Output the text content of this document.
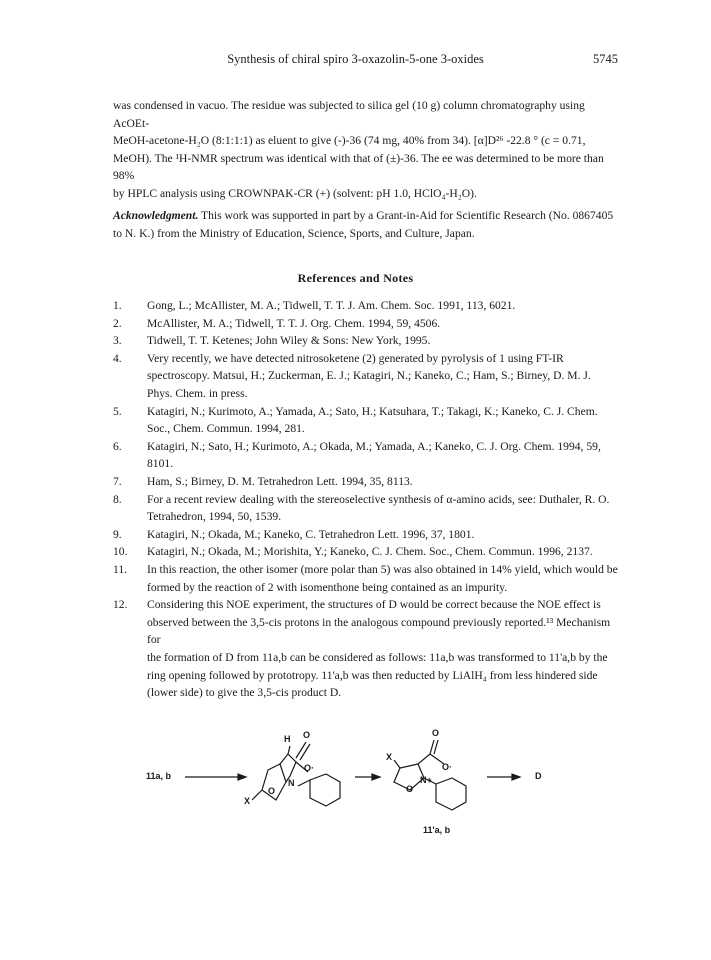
Synthesis of chiral spiro 3-oxazolin-5-one 3-oxides	5745
was condensed in vacuo. The residue was subjected to silica gel (10 g) column chromatography using AcOEt-
MeOH-acetone-H₂O (8:1:1:1) as eluent to give (-)-36 (74 mg, 40% from 34). [α]D²⁶ -22.8 ° (c = 0.71,
MeOH). The ¹H-NMR spectrum was identical with that of (±)-36. The ee was determined to be more than 98%
by HPLC analysis using CROWNPAK-CR (+) (solvent: pH 1.0, HClO₄-H₂O).
Acknowledgment. This work was supported in part by a Grant-in-Aid for Scientific Research (No. 0867405
to N. K.) from the Ministry of Education, Science, Sports, and Culture, Japan.
References and Notes
1. Gong, L.; McAllister, M. A.; Tidwell, T. T. J. Am. Chem. Soc. 1991, 113, 6021.
2. McAllister, M. A.; Tidwell, T. T. J. Org. Chem. 1994, 59, 4506.
3. Tidwell, T. T. Ketenes; John Wiley & Sons: New York, 1995.
4. Very recently, we have detected nitrosoketene (2) generated by pyrolysis of 1 using FT-IR
spectroscopy. Matsui, H.; Zuckerman, E. J.; Katagiri, N.; Kaneko, C.; Ham, S.; Birney, D. M. J.
Phys. Chem. in press.
5. Katagiri, N.; Kurimoto, A.; Yamada, A.; Sato, H.; Katsuhara, T.; Takagi, K.; Kaneko, C. J. Chem.
Soc., Chem. Commun. 1994, 281.
6. Katagiri, N.; Sato, H.; Kurimoto, A.; Okada, M.; Yamada, A.; Kaneko, C. J. Org. Chem. 1994, 59,
8101.
7. Ham, S.; Birney, D. M. Tetrahedron Lett. 1994, 35, 8113.
8. For a recent review dealing with the stereoselective synthesis of α-amino acids, see: Duthaler, R. O.
Tetrahedron, 1994, 50, 1539.
9. Katagiri, N.; Okada, M.; Kaneko, C. Tetrahedron Lett. 1996, 37, 1801.
10. Katagiri, N.; Okada, M.; Morishita, Y.; Kaneko, C. J. Chem. Soc., Chem. Commun. 1996, 2137.
11. In this reaction, the other isomer (more polar than 5) was also obtained in 14% yield, which would be
formed by the reaction of 2 with isomenthone being contained as an impurity.
12. Considering this NOE experiment, the structures of D would be correct because the NOE effect is
observed between the 3,5-cis protons in the analogous compound previously reported.¹³ Mechanism for
the formation of D from 11a,b can be considered as follows: 11a,b was transformed to 11'a,b by the
ring opening followed by prototropy. 11'a,b was then reducted by LiAlH₄ from less hindered side
(lower side) to give the 3,5-cis product D.
11a, b	D
11'a, b
H O
O·
N
O
X
X
O
O·
N+
O
